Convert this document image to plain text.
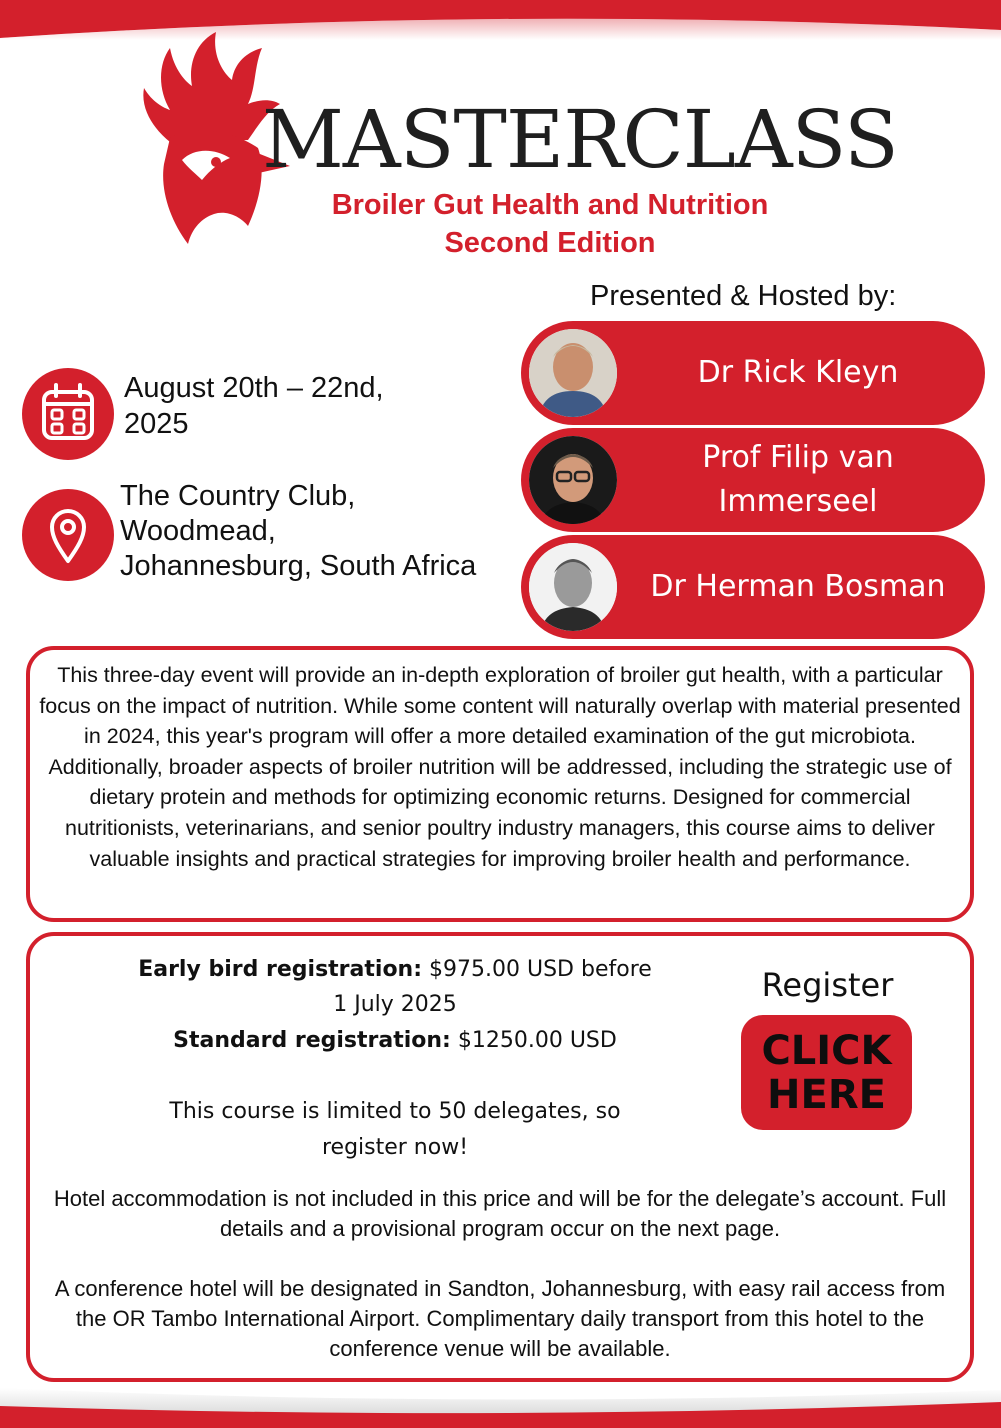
MASTERCLASS
Broiler Gut Health and Nutrition
Second Edition
Presented & Hosted by:
Dr Rick Kleyn
Prof Filip van Immerseel
Dr Herman Bosman
August 20th – 22nd,
2025
The Country Club,
Woodmead,
Johannesburg, South Africa
This three-day event will provide an in-depth exploration of broiler gut health, with a particular focus on the impact of nutrition. While some content will naturally overlap with material presented in 2024, this year's program will offer a more detailed examination of the gut microbiota. Additionally, broader aspects of broiler nutrition will be addressed, including the strategic use of dietary protein and methods for optimizing economic returns. Designed for commercial nutritionists, veterinarians, and senior poultry industry managers, this course aims to deliver valuable insights and practical strategies for improving broiler health and performance.
Early bird registration: $975.00 USD before
1 July 2025
Standard registration: $1250.00 USD
This course is limited to 50 delegates, so
register now!
Register
CLICK
HERE
Hotel accommodation is not included in this price and will be for the delegate’s account. Full details and a provisional program occur on the next page.
A conference hotel will be designated in Sandton, Johannesburg, with easy rail access from the OR Tambo International Airport. Complimentary daily transport from this hotel to the conference venue will be available.
